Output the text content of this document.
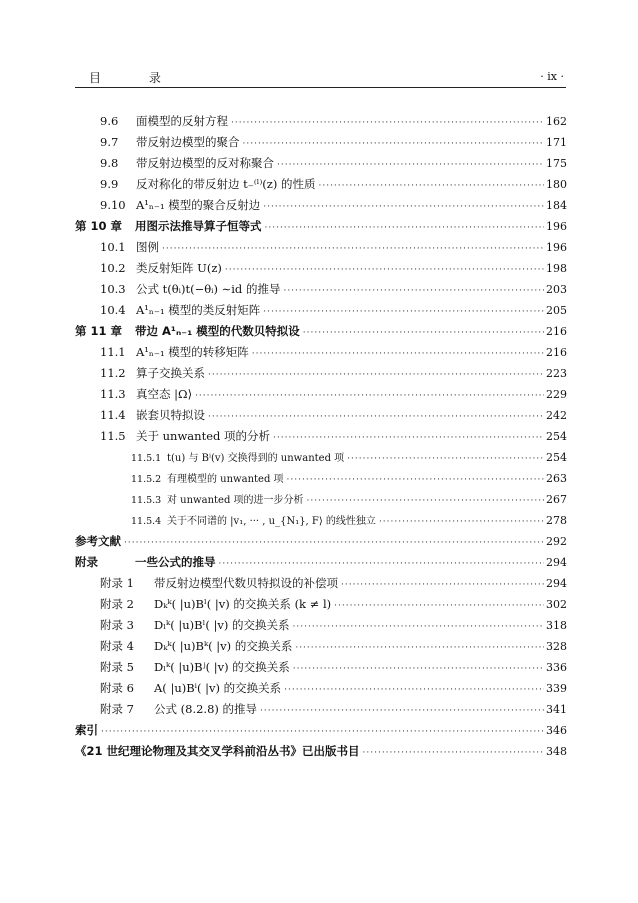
目 录	· ix ·
9.6	面模型的反射方程 ·····	162
9.7	带反射边模型的聚合 ·····	171
9.8	带反射边模型的反对称聚合 ·····	175
9.9	反对称化的带反射边 t₋⁽ˡ⁾(z) 的性质 ·····	180
9.10 A¹ₙ₋₁ 模型的聚合反射边 ·····	184
第 10 章	用图示法推导算子恒等式 ·····	196
10.1 图例 ·····	196
10.2 类反射矩阵 U(z) ·····	198
10.3 公式 t(θᵢ)t(−θᵢ) ∼id 的推导 ·····	203
10.4 A¹ₙ₋₁ 模型的类反射矩阵 ·····	205
第 11 章	带边 A¹ₙ₋₁ 模型的代数贝特拟设 ·····	216
11.1 A¹ₙ₋₁ 模型的转移矩阵 ·····	216
11.2 算子交换关系 ·····	223
11.3 真空态 |Ω⟩ ·····	229
11.4 嵌套贝特拟设 ·····	242
11.5 关于 unwanted 项的分析 ·····	254
11.5.1 t(u) 与 Bⁱ(v) 交换得到的 unwanted 项 ·····	254
11.5.2 有理模型的 unwanted 项 ·····	263
11.5.3 对 unwanted 项的进一步分析 ·····	267
11.5.4 关于不同谱的 |v₁, ··· , u_{N₁}, F⟩ 的线性独立 ·····	278
参考文献 ·····	292
附录	一些公式的推导 ·····	294
附录 1	带反射边模型代数贝特拟设的补偿项 ·····	294
附录 2	Dₖᵏ( |u)Bˡ( |v) 的交换关系 (k ≠ l) ·····	302
附录 3	Dₗᵏ( |u)Bˡ( |v) 的交换关系 ·····	318
附录 4	Dₖᵏ( |u)Bᵏ( |v) 的交换关系 ·····	328
附录 5	Dₗᵏ( |u)Bʲ( |v) 的交换关系 ·····	336
附录 6	A( |u)Bⁱ( |v) 的交换关系 ·····	339
附录 7	公式 (8.2.8) 的推导 ·····	341
索引 ·····	346
《21 世纪理论物理及其交叉学科前沿丛书》已出版书目 ·····	348
